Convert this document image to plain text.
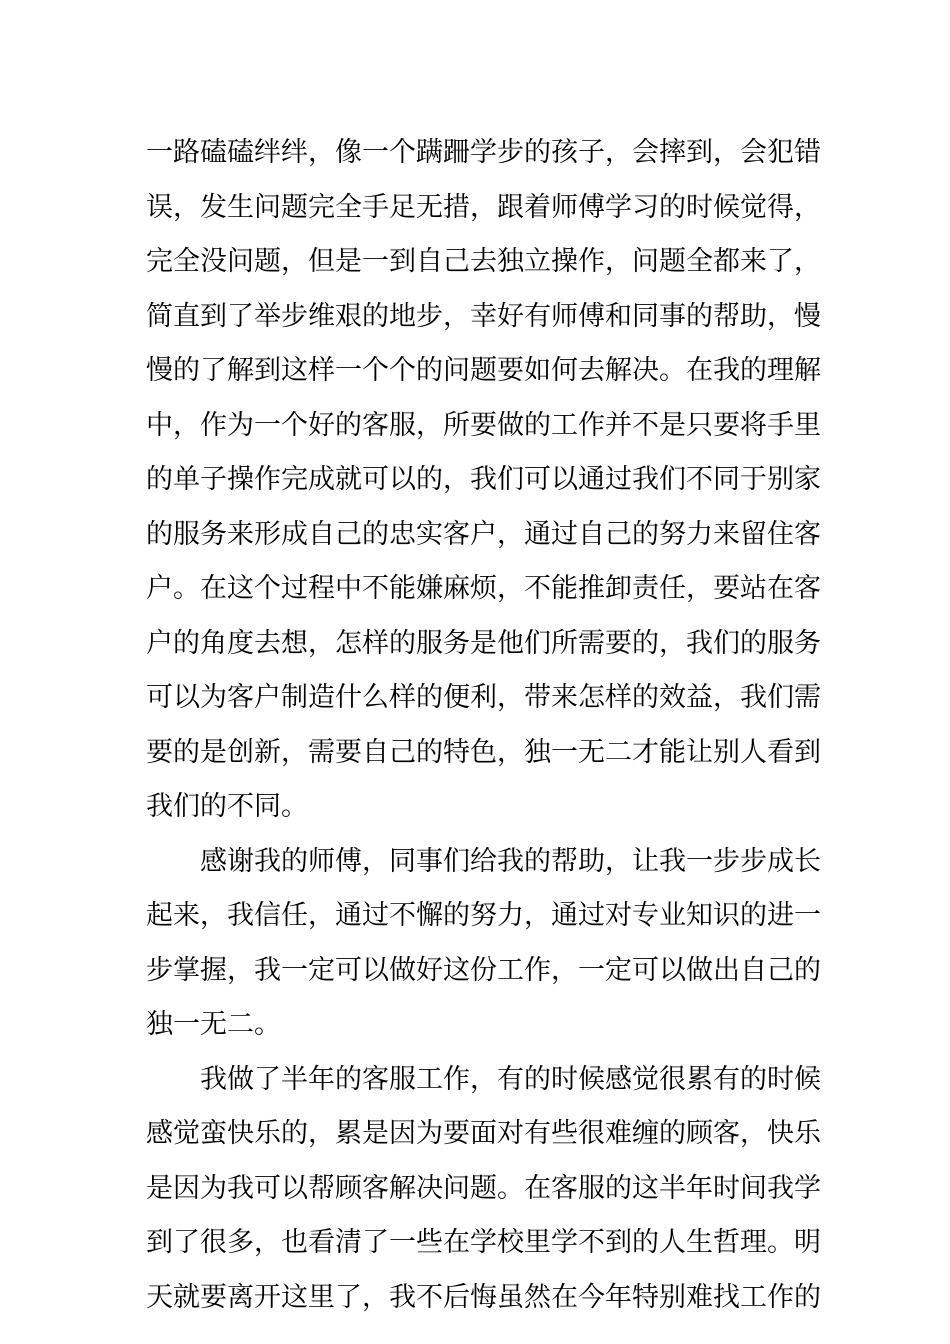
一路磕磕绊绊，像一个蹒跚学步的孩子，会摔到，会犯错
误，发生问题完全手足无措，跟着师傅学习的时候觉得，
完全没问题，但是一到自己去独立操作，问题全都来了，
简直到了举步维艰的地步，幸好有师傅和同事的帮助，慢
慢的了解到这样一个个的问题要如何去解决。在我的理解
中，作为一个好的客服，所要做的工作并不是只要将手里
的单子操作完成就可以的，我们可以通过我们不同于别家
的服务来形成自己的忠实客户，通过自己的努力来留住客
户。在这个过程中不能嫌麻烦，不能推卸责任，要站在客
户的角度去想，怎样的服务是他们所需要的，我们的服务
可以为客户制造什么样的便利，带来怎样的效益，我们需
要的是创新，需要自己的特色，独一无二才能让别人看到
我们的不同。
感谢我的师傅，同事们给我的帮助，让我一步步成长
起来，我信任，通过不懈的努力，通过对专业知识的进一
步掌握，我一定可以做好这份工作，一定可以做出自己的
独一无二。
我做了半年的客服工作，有的时候感觉很累有的时候
感觉蛮快乐的，累是因为要面对有些很难缠的顾客，快乐
是因为我可以帮顾客解决问题。在客服的这半年时间我学
到了很多，也看清了一些在学校里学不到的人生哲理。明
天就要离开这里了，我不后悔虽然在今年特别难找工作的
